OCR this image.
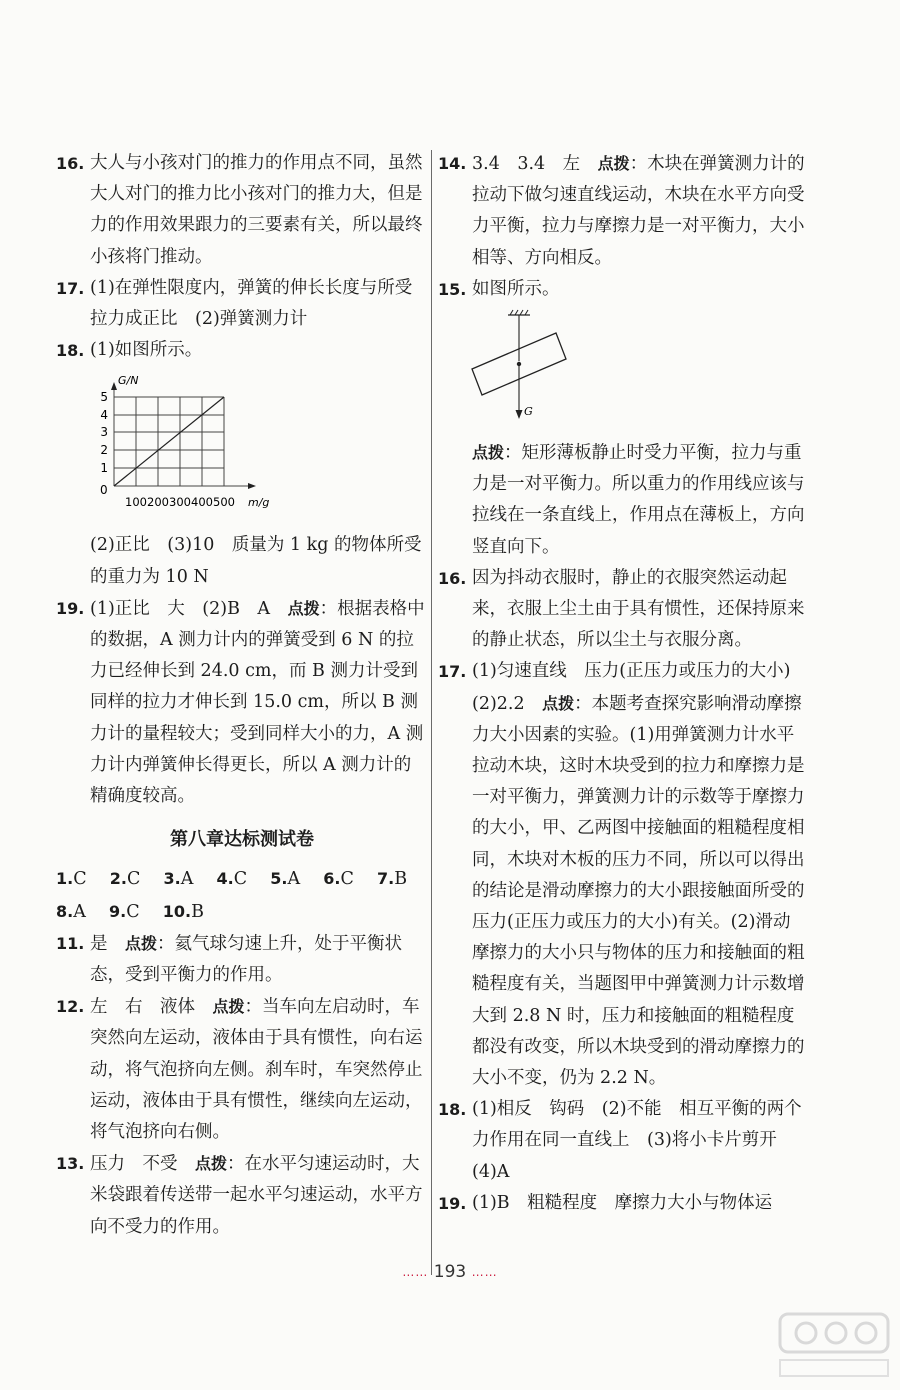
16. 大人与小孩对门的推力的作用点不同，虽然大人对门的推力比小孩对门的推力大，但是力的作用效果跟力的三要素有关，所以最终小孩将门推动。
17. (1)在弹性限度内，弹簧的伸长长度与所受拉力成正比　(2)弹簧测力计
18. (1)如图所示。
G/N
m/g
0
1
2
3
4
5
100 200 300 400 500
(2)正比　(3)10　质量为 1 kg 的物体所受的重力为 10 N
19. (1)正比　大　(2)B　A　点拨：根据表格中的数据，A 测力计内的弹簧受到 6 N 的拉力已经伸长到 24.0 cm，而 B 测力计受到同样的拉力才伸长到 15.0 cm，所以 B 测力计的量程较大；受到同样大小的力，A 测力计内弹簧伸长得更长，所以 A 测力计的精确度较高。
第八章达标测试卷
1.C 2.C 3.A 4.C 5.A 6.C 7.B
8.A 9.C 10.B
11. 是　点拨：氦气球匀速上升，处于平衡状态，受到平衡力的作用。
12. 左　右　液体　点拨：当车向左启动时，车突然向左运动，液体由于具有惯性，向右运动，将气泡挤向左侧。刹车时，车突然停止运动，液体由于具有惯性，继续向左运动，将气泡挤向右侧。
13. 压力　不受　点拨：在水平匀速运动时，大米袋跟着传送带一起水平匀速运动，水平方向不受力的作用。
14. 3.4　3.4　左　点拨：木块在弹簧测力计的拉动下做匀速直线运动，木块在水平方向受力平衡，拉力与摩擦力是一对平衡力，大小相等、方向相反。
15. 如图所示。
G
点拨：矩形薄板静止时受力平衡，拉力与重力是一对平衡力。所以重力的作用线应该与拉线在一条直线上，作用点在薄板上，方向竖直向下。
16. 因为抖动衣服时，静止的衣服突然运动起来，衣服上尘土由于具有惯性，还保持原来的静止状态，所以尘土与衣服分离。
17. (1)匀速直线　压力(正压力或压力的大小)　(2)2.2　点拨：本题考查探究影响滑动摩擦力大小因素的实验。(1)用弹簧测力计水平拉动木块，这时木块受到的拉力和摩擦力是一对平衡力，弹簧测力计的示数等于摩擦力的大小，甲、乙两图中接触面的粗糙程度相同，木块对木板的压力不同，所以可以得出的结论是滑动摩擦力的大小跟接触面所受的压力(正压力或压力的大小)有关。(2)滑动摩擦力的大小只与物体的压力和接触面的粗糙程度有关，当题图甲中弹簧测力计示数增大到 2.8 N 时，压力和接触面的粗糙程度都没有改变，所以木块受到的滑动摩擦力的大小不变，仍为 2.2 N。
18. (1)相反　钩码　(2)不能　相互平衡的两个力作用在同一直线上　(3)将小卡片剪开　(4)A
19. (1)B　粗糙程度　摩擦力大小与物体运
…… 193 ……
